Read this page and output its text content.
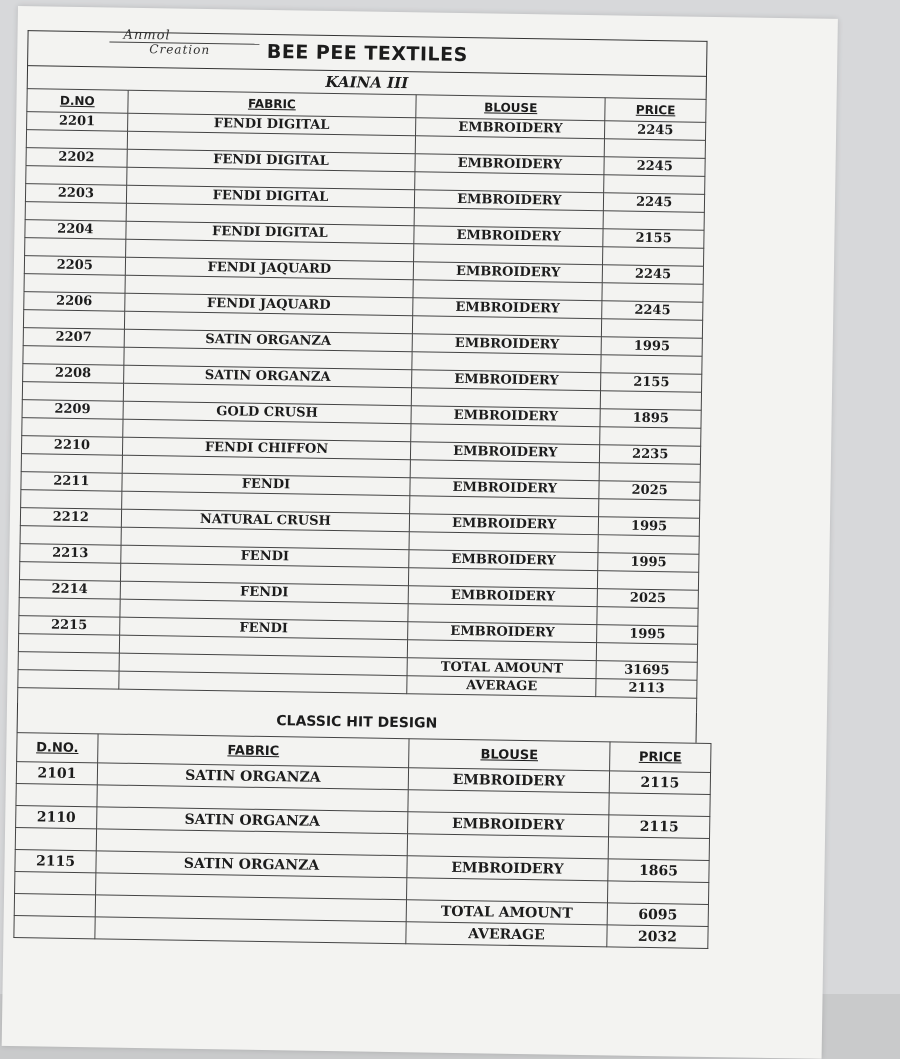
Anmol
Creation	BEE PEE TEXTILES
KAINA III
D.NO	FABRIC	BLOUSE	PRICE
2201	FENDI DIGITAL	EMBROIDERY	2245

2202	FENDI DIGITAL	EMBROIDERY	2245

2203	FENDI DIGITAL	EMBROIDERY	2245

2204	FENDI DIGITAL	EMBROIDERY	2155

2205	FENDI JAQUARD	EMBROIDERY	2245

2206	FENDI JAQUARD	EMBROIDERY	2245

2207	SATIN ORGANZA	EMBROIDERY	1995

2208	SATIN ORGANZA	EMBROIDERY	2155

2209	GOLD CRUSH	EMBROIDERY	1895

2210	FENDI CHIFFON	EMBROIDERY	2235

2211	FENDI	EMBROIDERY	2025

2212	NATURAL CRUSH	EMBROIDERY	1995

2213	FENDI	EMBROIDERY	1995

2214	FENDI	EMBROIDERY	2025

2215	FENDI	EMBROIDERY	1995

		TOTAL AMOUNT	31695
		AVERAGE	2113
CLASSIC HIT DESIGN
D.NO.	FABRIC	BLOUSE	PRICE
2101	SATIN ORGANZA	EMBROIDERY	2115

2110	SATIN ORGANZA	EMBROIDERY	2115

2115	SATIN ORGANZA	EMBROIDERY	1865

		TOTAL AMOUNT	6095
		AVERAGE	2032
